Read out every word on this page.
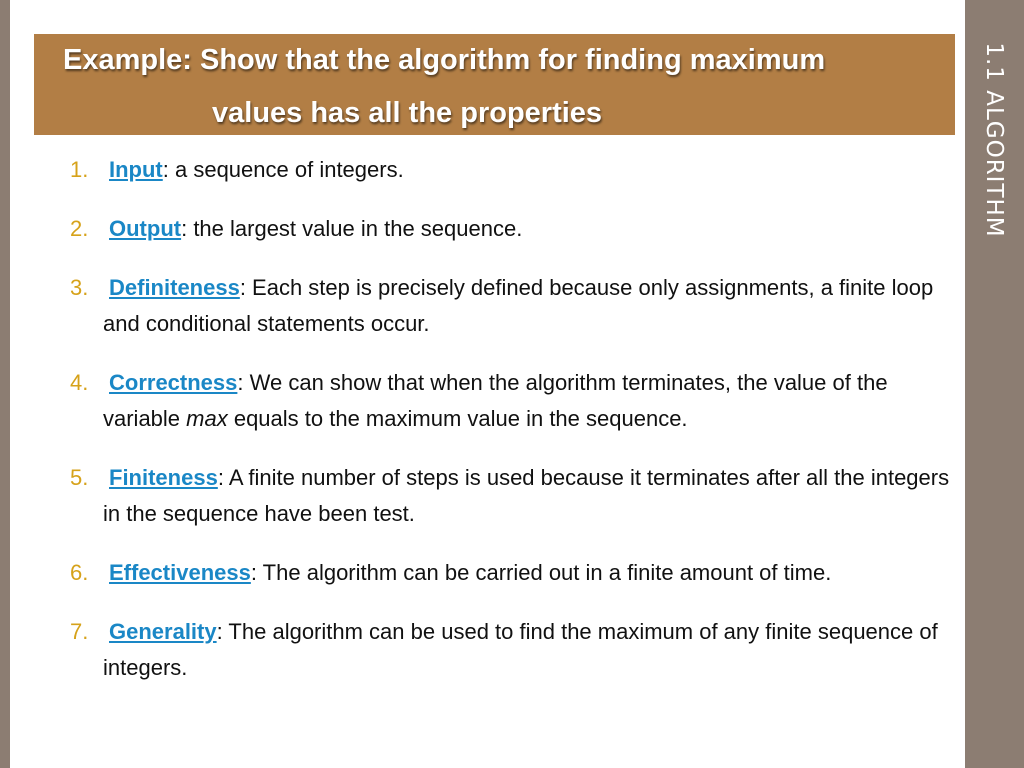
Example: Show that the algorithm for finding maximum
values has all the properties
1. Input: a sequence of integers.
2. Output: the largest value in the sequence.
3. Definiteness: Each step is precisely defined because only assignments, a finite loop and conditional statements occur.
4. Correctness: We can show that when the algorithm terminates, the value of the variable max equals to the maximum value in the sequence.
5. Finiteness: A finite number of steps is used because it terminates after all the integers in the sequence have been test.
6. Effectiveness: The algorithm can be carried out in a finite amount of time.
7. Generality: The algorithm can be used to find the maximum of any finite sequence of integers.
1.1 ALGORITHM
